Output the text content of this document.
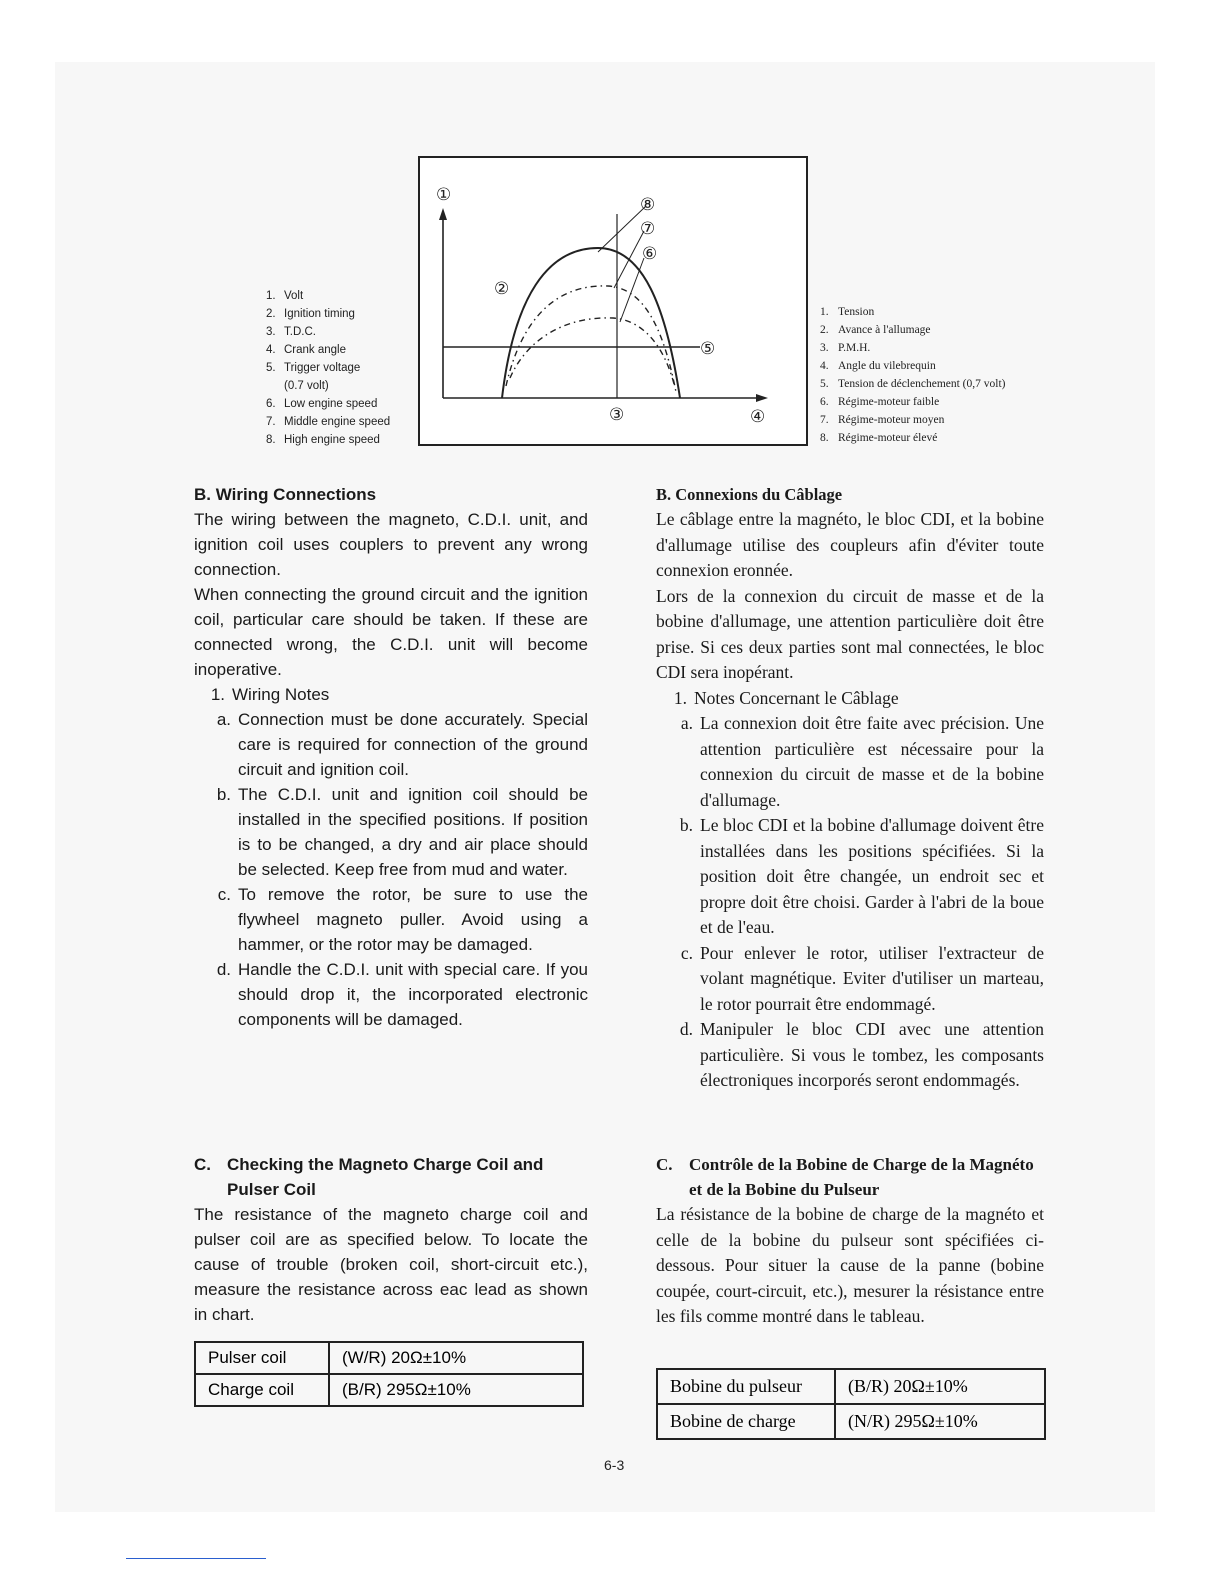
1. Volt
2. Ignition timing
3. T.D.C.
4. Crank angle
5. Trigger voltage
(0.7 volt)
6. Low engine speed
7. Middle engine speed
8. High engine speed
①
②
③	④
⑤
⑥
⑦
⑧
1. Tension
2. Avance à l'allumage
3. P.M.H.
4. Angle du vilebrequin
5. Tension de déclenchement (0,7 volt)
6. Régime-moteur faible
7. Régime-moteur moyen
8. Régime-moteur élevé
B. Wiring Connections

The wiring between the magneto, C.D.I. unit, and ignition coil uses couplers to prevent any wrong connection.

When connecting the ground circuit and the ignition coil, particular care should be taken. If these are connected wrong, the C.D.I. unit will become inoperative.

1. Wiring Notes
a. Connection must be done accurately. Special care is required for connection of the ground circuit and ignition coil.
b. The C.D.I. unit and ignition coil should be installed in the specified positions. If position is to be changed, a dry and air place should be selected. Keep free from mud and water.
c. To remove the rotor, be sure to use the flywheel magneto puller. Avoid using a hammer, or the rotor may be damaged.
d. Handle the C.D.I. unit with special care. If you should drop it, the incorporated electronic components will be damaged.
B. Connexions du Câblage

Le câblage entre la magnéto, le bloc CDI, et la bobine d'allumage utilise des coupleurs afin d'éviter toute connexion eronnée.

Lors de la connexion du circuit de masse et de la bobine d'allumage, une attention particulière doit être prise. Si ces deux parties sont mal connectées, le bloc CDI sera inopérant.

1. Notes Concernant le Câblage
a. La connexion doit être faite avec précision. Une attention particulière est nécessaire pour la connexion du circuit de masse et de la bobine d'allumage.
b. Le bloc CDI et la bobine d'allumage doivent être installées dans les positions spécifiées. Si la position doit être changée, un endroit sec et propre doit être choisi. Garder à l'abri de la boue et de l'eau.
c. Pour enlever le rotor, utiliser l'extracteur de volant magnétique. Eviter d'utiliser un marteau, le rotor pourrait être endommagé.
d. Manipuler le bloc CDI avec une attention particulière. Si vous le tombez, les composants électroniques incorporés seront endommagés.
C. Checking the Magneto Charge Coil and Pulser Coil

The resistance of the magneto charge coil and pulser coil are as specified below. To locate the cause of trouble (broken coil, short-circuit etc.), measure the resistance across eac lead as shown in chart.

Pulser coil	(W/R) 20Ω±10%
Charge coil	(B/R) 295Ω±10%
C. Contrôle de la Bobine de Charge de la Magnéto et de la Bobine du Pulseur

La résistance de la bobine de charge de la magnéto et celle de la bobine du pulseur sont spécifiées ci-dessous. Pour situer la cause de la panne (bobine coupée, court-circuit, etc.), mesurer la résistance entre les fils comme montré dans le tableau.

Bobine du pulseur	(B/R) 20Ω±10%
Bobine de charge	(N/R) 295Ω±10%
6-3
